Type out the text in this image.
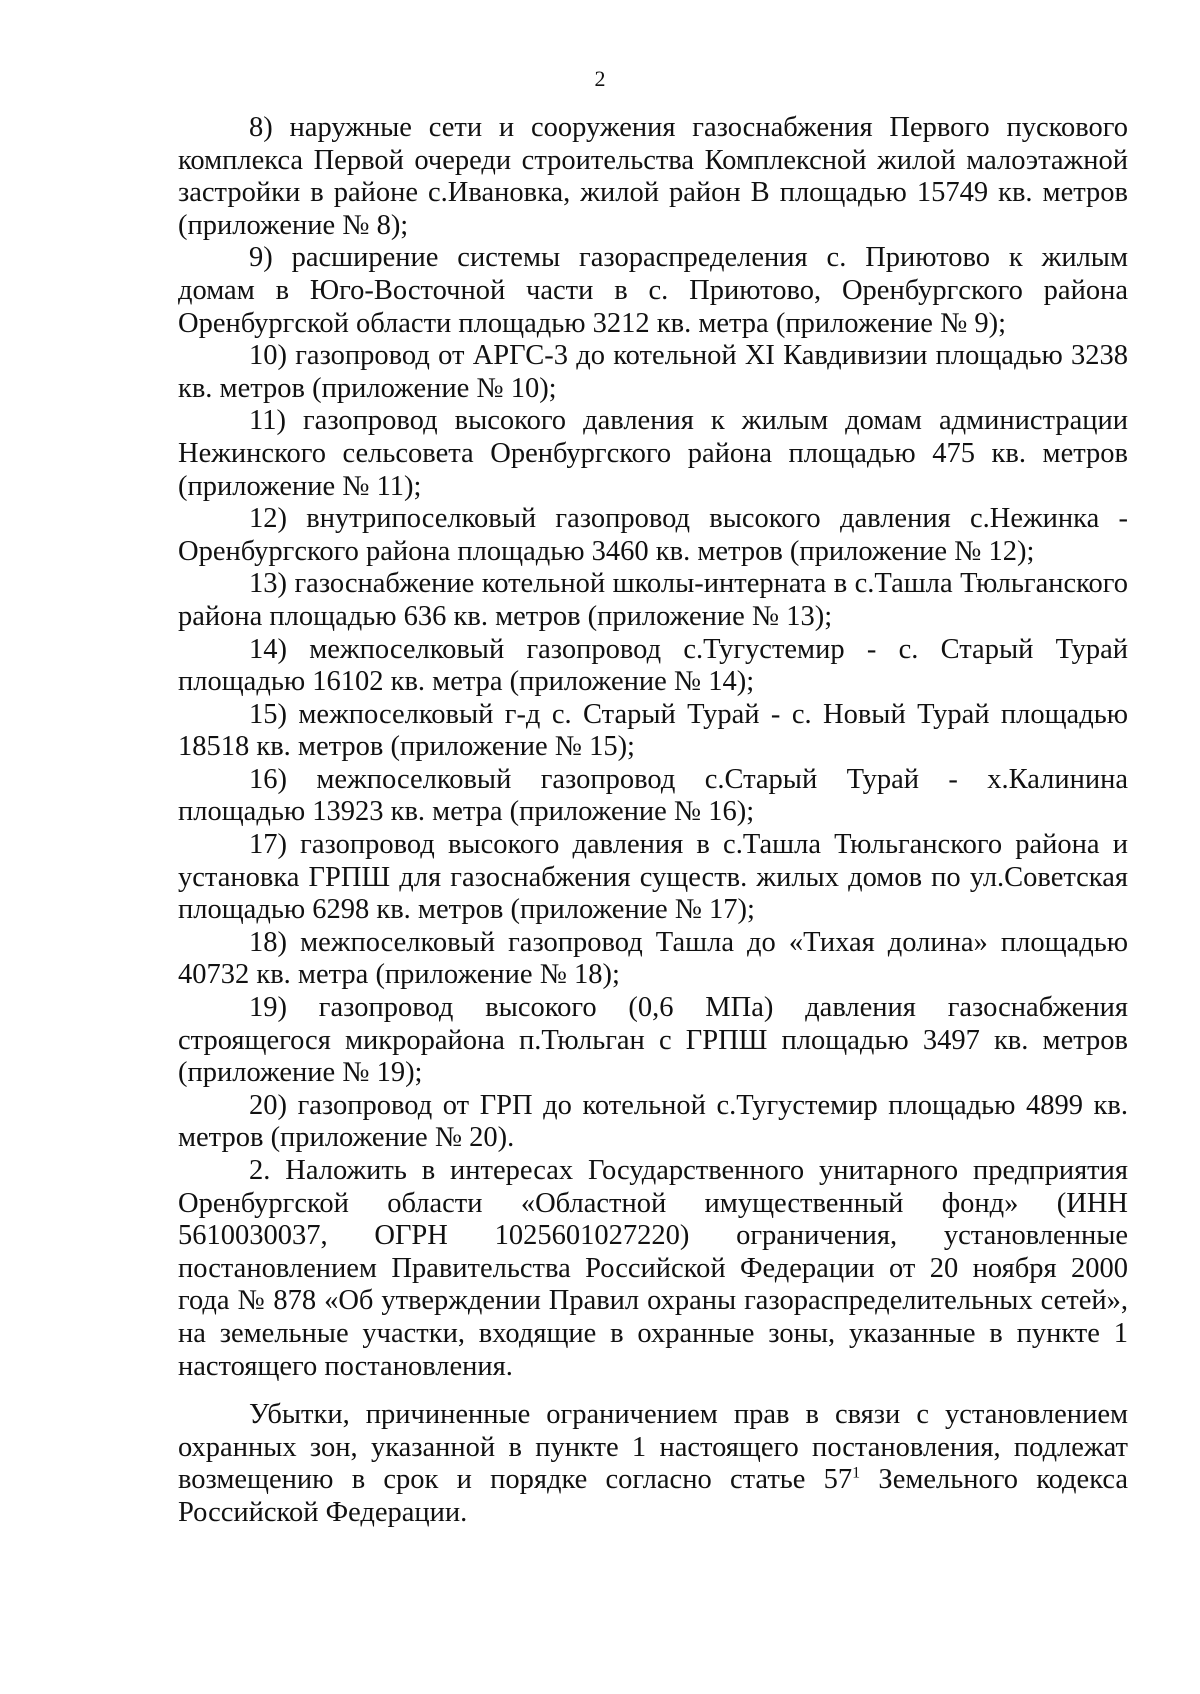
2

8) наружные сети и сооружения газоснабжения Первого пускового комплекса Первой очереди строительства Комплексной жилой малоэтажной застройки в районе с.Ивановка, жилой район В площадью 15749 кв. метров (приложение № 8);

9) расширение системы газораспределения с. Приютово к жилым домам в Юго-Восточной части в с. Приютово, Оренбургского района Оренбургской области площадью 3212 кв. метра (приложение № 9);

10) газопровод от АРГС-3 до котельной XI Кавдивизии площадью 3238 кв. метров (приложение № 10);

11) газопровод высокого давления к жилым домам администрации Нежинского сельсовета Оренбургского района площадью 475 кв. метров (приложение № 11);

12) внутрипоселковый газопровод высокого давления с.Нежинка - Оренбургского района площадью 3460 кв. метров (приложение № 12);

13) газоснабжение котельной школы-интерната в с.Ташла Тюльганского района площадью 636 кв. метров (приложение № 13);

14) межпоселковый газопровод с.Тугустемир - с. Старый Турай площадью 16102 кв. метра (приложение № 14);

15) межпоселковый г-д с. Старый Турай - с. Новый Турай площадью 18518 кв. метров (приложение № 15);

16) межпоселковый газопровод с.Старый Турай - х.Калинина площадью 13923 кв. метра (приложение № 16);

17) газопровод высокого давления в с.Ташла Тюльганского района и установка ГРПШ для газоснабжения существ. жилых домов по ул.Советская площадью 6298 кв. метров (приложение № 17);

18) межпоселковый газопровод Ташла до «Тихая долина» площадью 40732 кв. метра (приложение № 18);

19) газопровод высокого (0,6 МПа) давления газоснабжения строящегося микрорайона п.Тюльган с ГРПШ площадью 3497 кв. метров (приложение № 19);

20) газопровод от ГРП до котельной с.Тугустемир площадью 4899 кв. метров (приложение № 20).

2. Наложить в интересах Государственного унитарного предприятия Оренбургской области «Областной имущественный фонд» (ИНН 5610030037, ОГРН 1025601027220) ограничения, установленные постановлением Правительства Российской Федерации от 20 ноября 2000 года № 878 «Об утверждении Правил охраны газораспределительных сетей», на земельные участки, входящие в охранные зоны, указанные в пункте 1 настоящего постановления.

Убытки, причиненные ограничением прав в связи с установлением охранных зон, указанной в пункте 1 настоящего постановления, подлежат возмещению в срок и порядке согласно статье $57^1$ Земельного кодекса Российской Федерации.
